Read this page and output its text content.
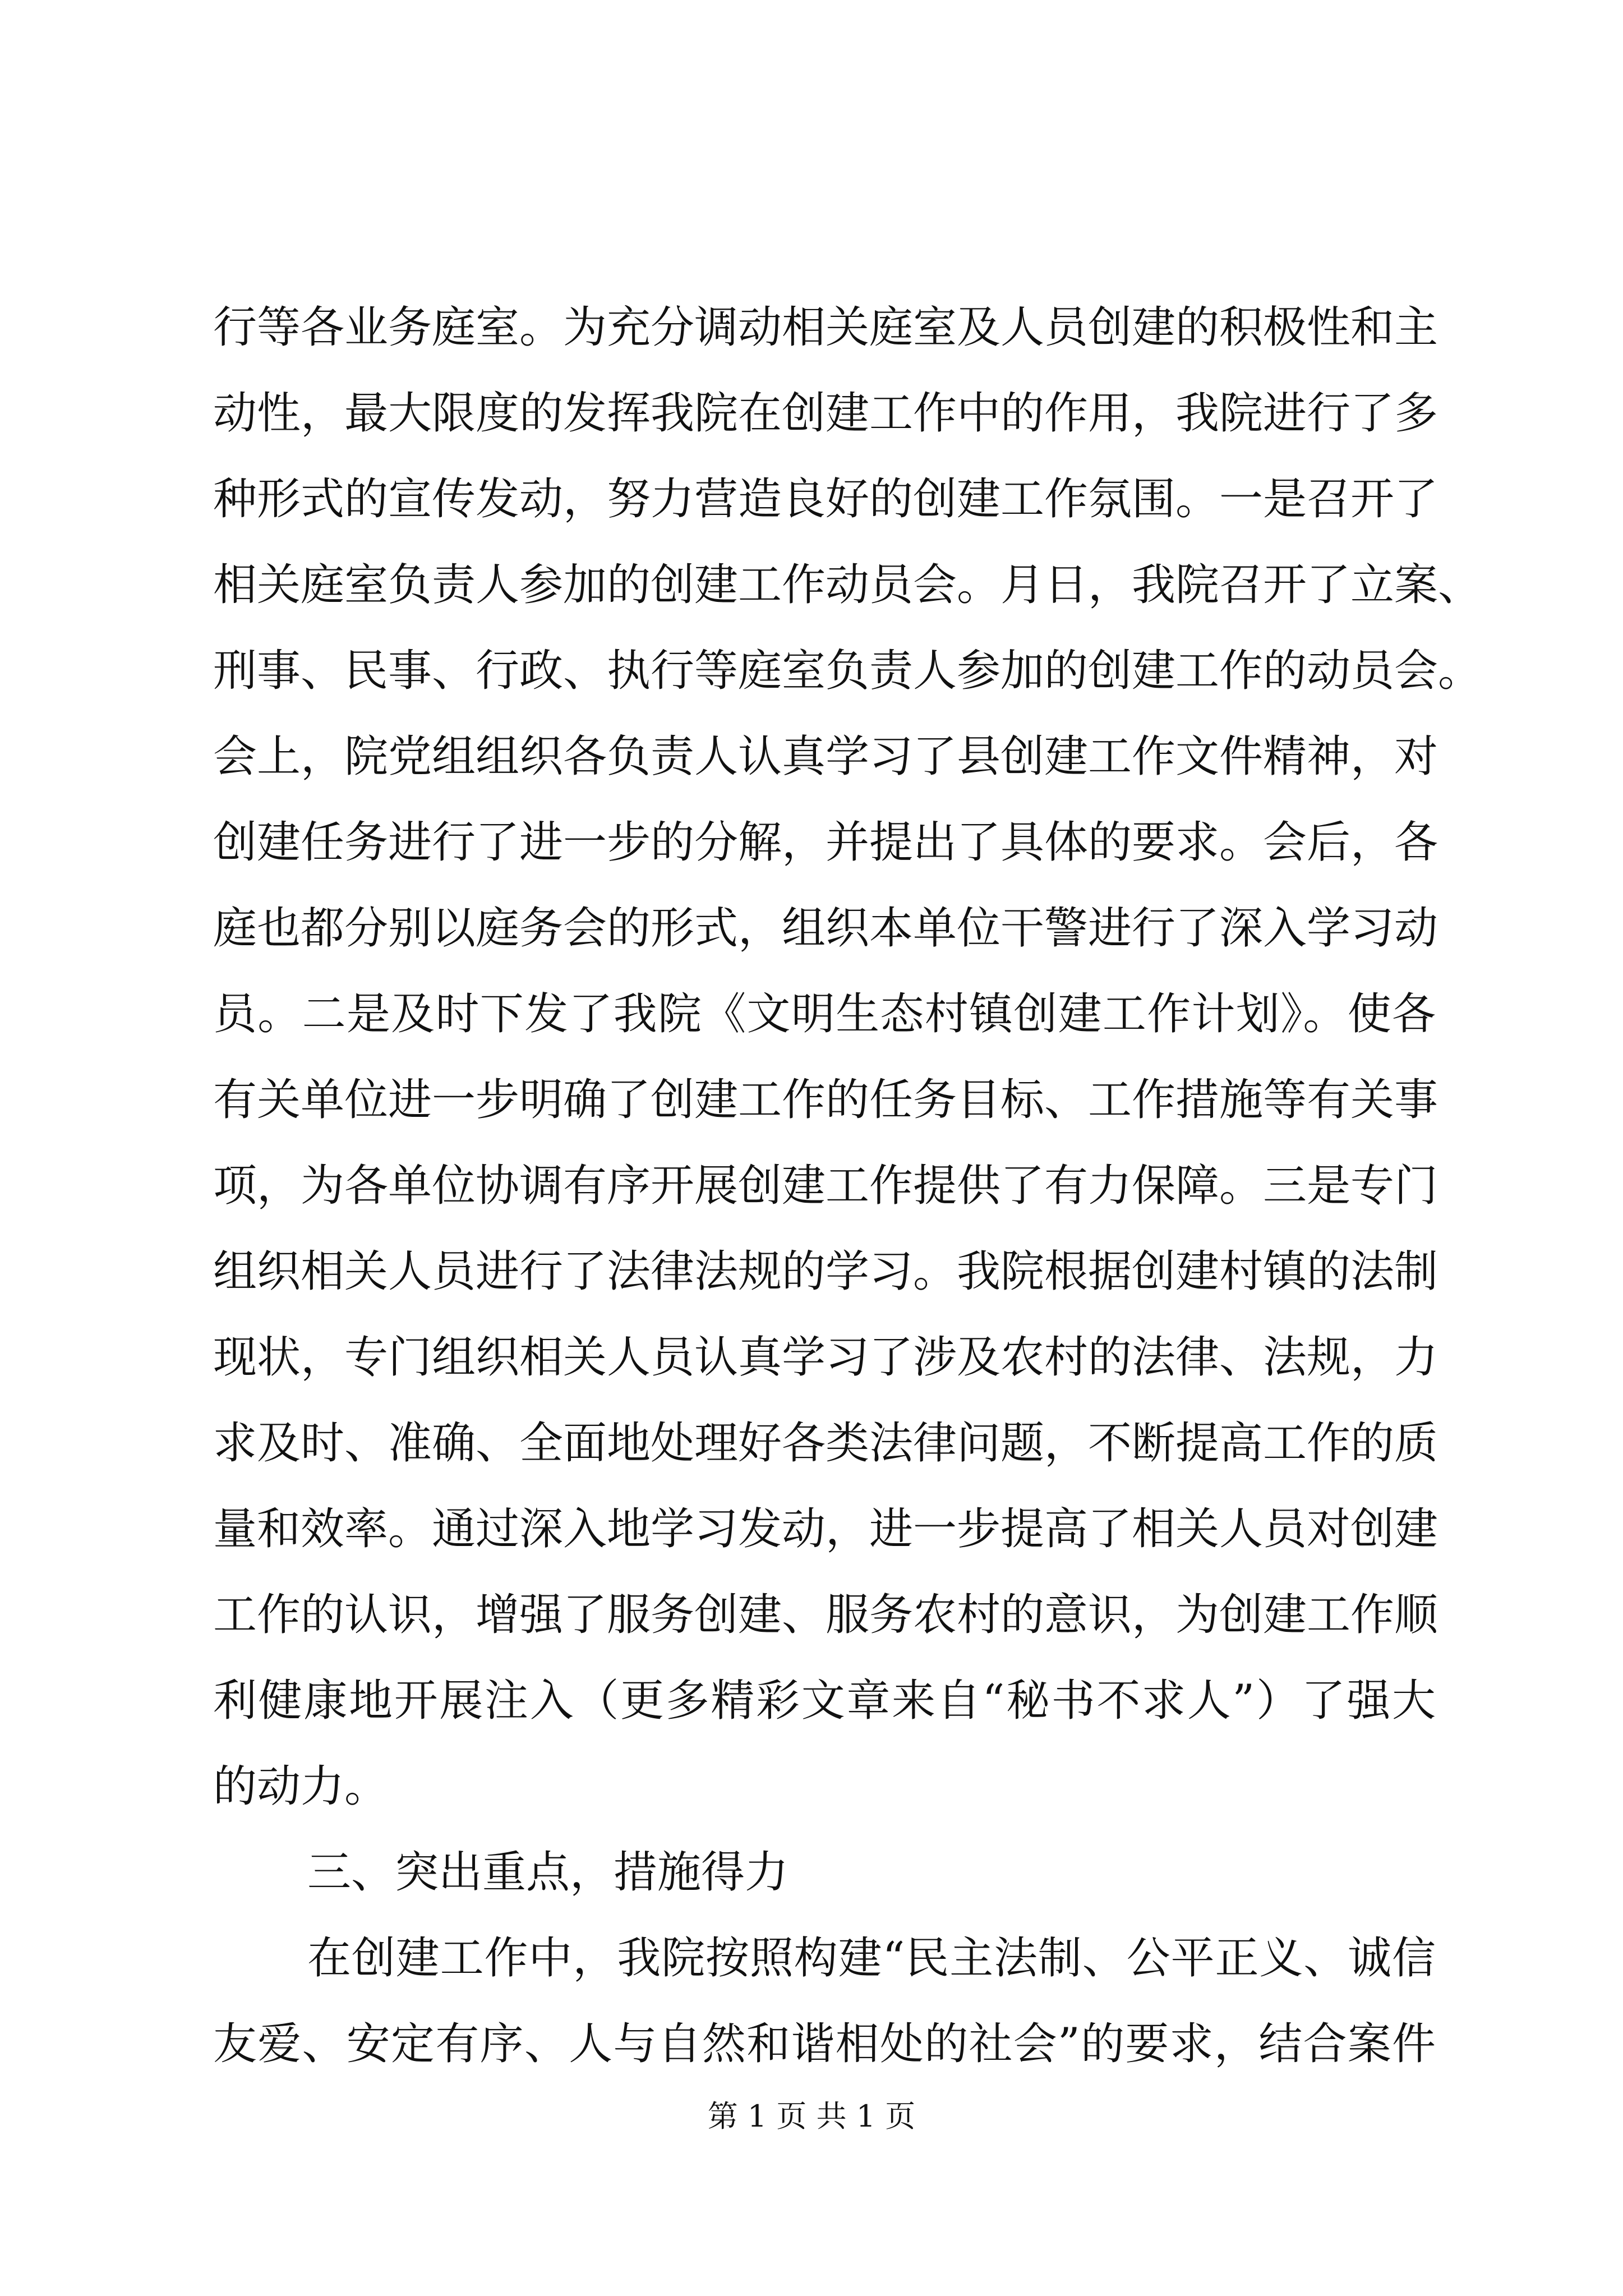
行等各业务庭室。为充分调动相关庭室及人员创建的积极性和主
动性，最大限度的发挥我院在创建工作中的作用，我院进行了多
种形式的宣传发动，努力营造良好的创建工作氛围。一是召开了
相关庭室负责人参加的创建工作动员会。月日，我院召开了立案、
刑事、民事、行政、执行等庭室负责人参加的创建工作的动员会。
会上，院党组组织各负责人认真学习了县创建工作文件精神，对
创建任务进行了进一步的分解，并提出了具体的要求。会后，各
庭也都分别以庭务会的形式，组织本单位干警进行了深入学习动
员。二是及时下发了我院《文明生态村镇创建工作计划》。使各
有关单位进一步明确了创建工作的任务目标、工作措施等有关事
项，为各单位协调有序开展创建工作提供了有力保障。三是专门
组织相关人员进行了法律法规的学习。我院根据创建村镇的法制
现状，专门组织相关人员认真学习了涉及农村的法律、法规，力
求及时、准确、全面地处理好各类法律问题，不断提高工作的质
量和效率。通过深入地学习发动，进一步提高了相关人员对创建
工作的认识，增强了服务创建、服务农村的意识，为创建工作顺
利健康地开展注入（更多精彩文章来自“秘书不求人”）了强大
的动力。
三、突出重点，措施得力
在创建工作中，我院按照构建“民主法制、公平正义、诚信
友爱、安定有序、人与自然和谐相处的社会”的要求，结合案件
第 1 页 共 1 页
